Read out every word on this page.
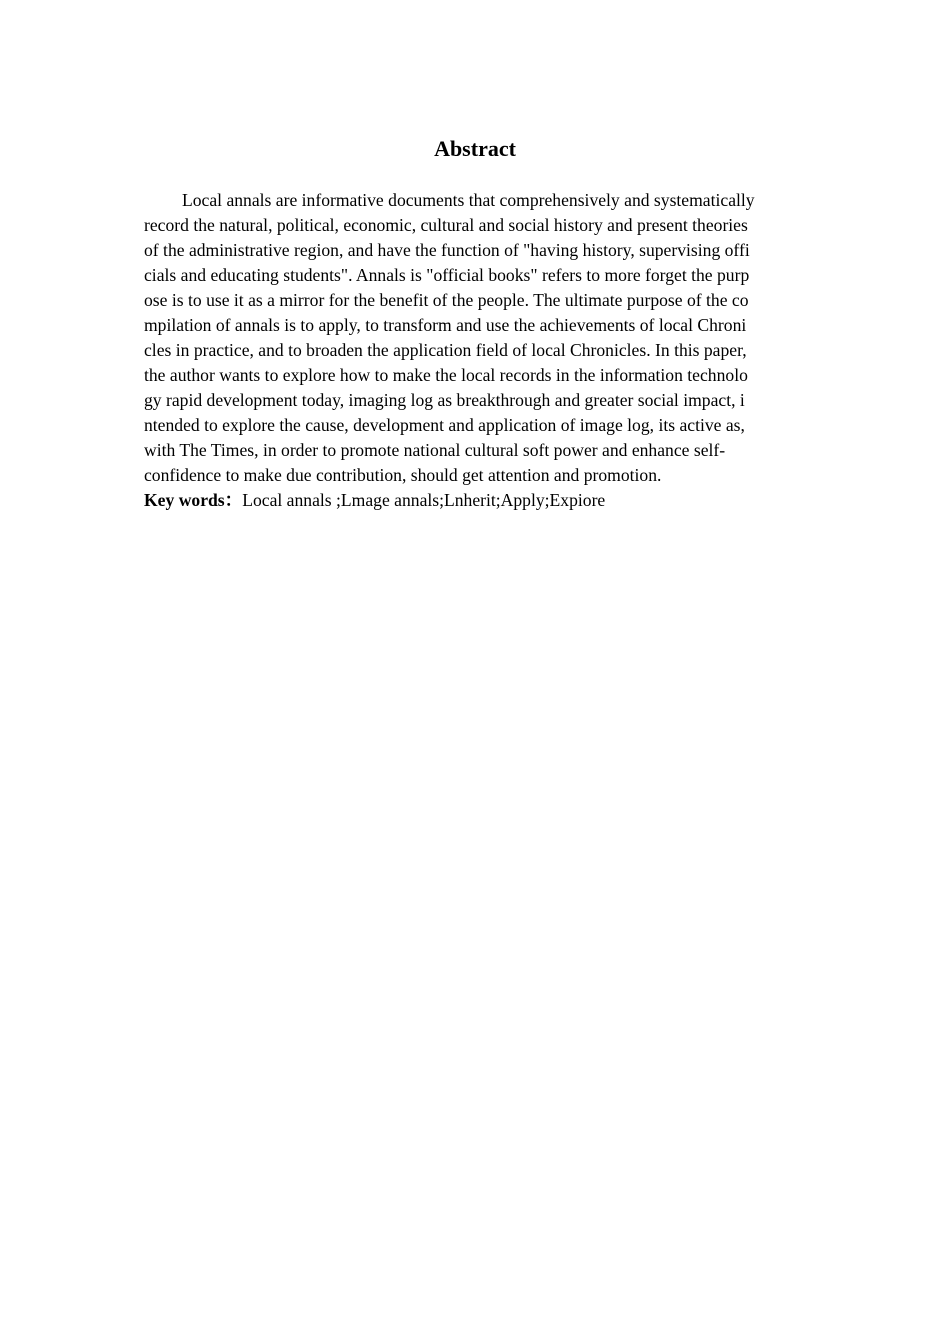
Abstract
Local annals are informative documents that comprehensively and systematically
record the natural, political, economic, cultural and social history and present theories
of the administrative region, and have the function of "having history, supervising offi
cials and educating students". Annals is "official books" refers to more forget the purp
ose is to use it as a mirror for the benefit of the people. The ultimate purpose of the co
mpilation of annals is to apply, to transform and use the achievements of local Chroni
cles in practice, and to broaden the application field of local Chronicles. In this paper,
the author wants to explore how to make the local records in the information technolo
gy rapid development today, imaging log as breakthrough and greater social impact, i
ntended to explore the cause, development and application of image log, its active as,
with The Times, in order to promote national cultural soft power and enhance self-
confidence to make due contribution, should get attention and promotion.
Key words：Local annals ;Lmage annals;Lnherit;Apply;Expiore
